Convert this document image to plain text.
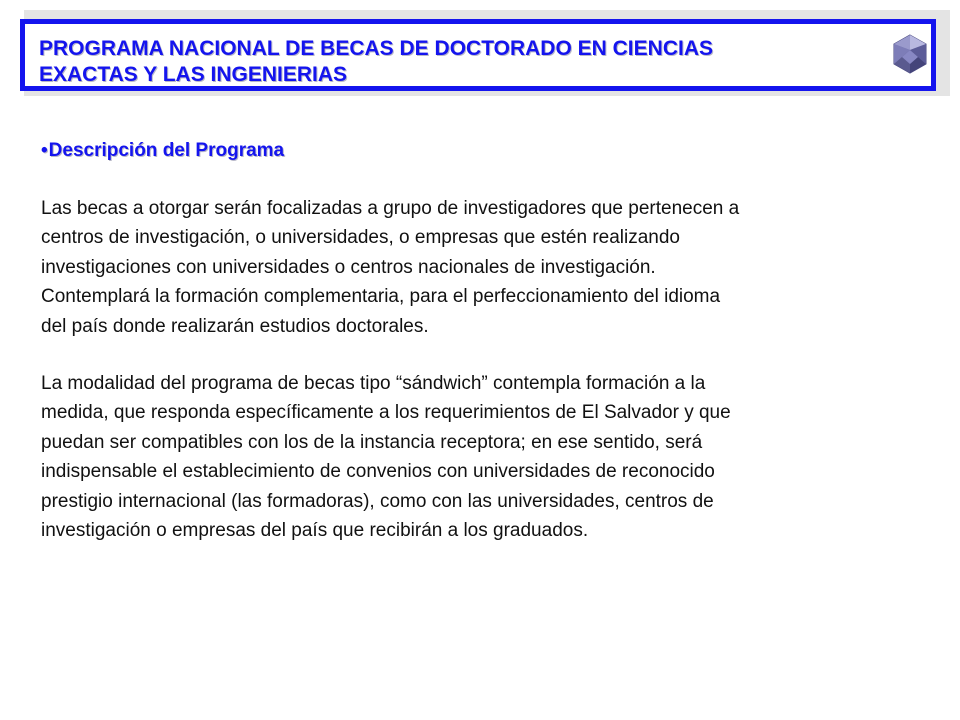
PROGRAMA NACIONAL DE BECAS DE DOCTORADO EN CIENCIAS
EXACTAS Y LAS INGENIERIAS
•Descripción del Programa

Las becas a otorgar serán focalizadas a grupo de investigadores que pertenecen a
centros de investigación, o universidades, o empresas que estén realizando
investigaciones con universidades o centros nacionales de investigación.
Contemplará la formación complementaria, para el perfeccionamiento del idioma
del país donde realizarán estudios doctorales.

La modalidad del programa de becas tipo “sándwich” contempla formación a la
medida, que responda específicamente a los requerimientos de El Salvador y que
puedan ser compatibles con los de la instancia receptora; en ese sentido, será
indispensable el establecimiento de convenios con universidades de reconocido
prestigio internacional (las formadoras), como con las universidades, centros de
investigación o empresas del país que recibirán a los graduados.
